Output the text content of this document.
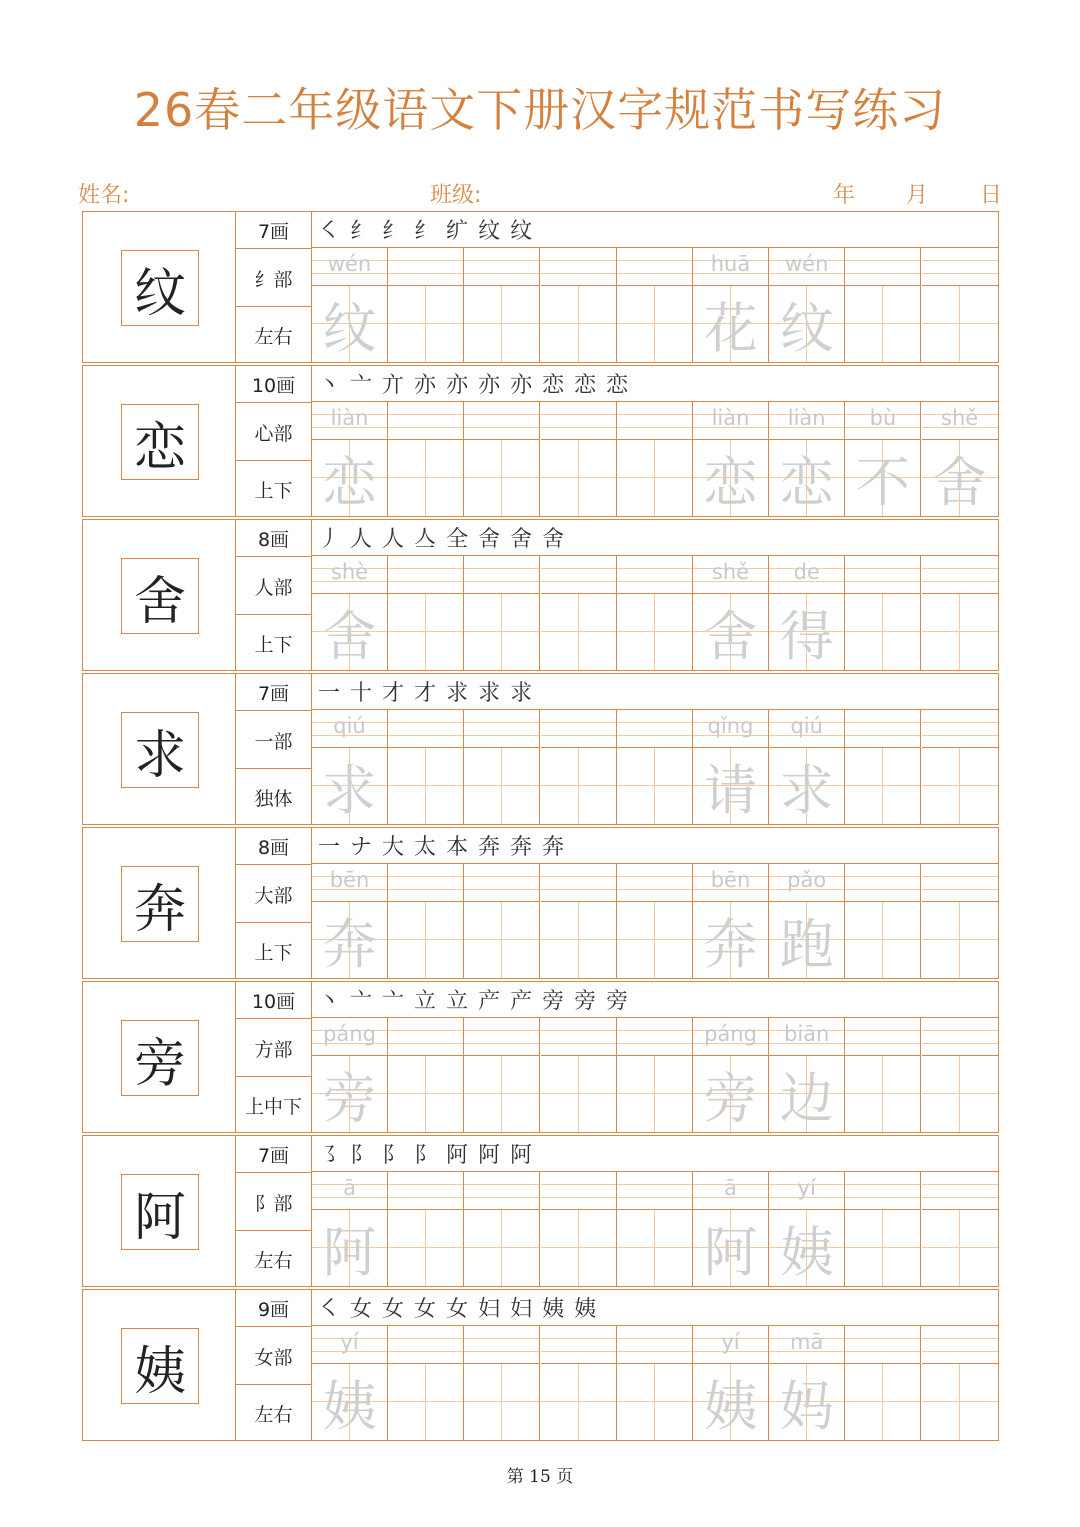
26春二年级语文下册汉字规范书写练习
姓名:	班级:	年 月 日
纹
7画
纟部
左右
㇛ 纟 纟 纟 纩 纹 纹
wén
纹
huā
花
wén
纹
恋
10画
心部
上下
丶 亠 亣 亦 亦 亦 亦 恋 恋 恋
liàn
恋
liàn
恋
liàn
恋
bù
不
shě
舍
舍
8画
人部
上下
丿 人 人 亼 全 舍 舍 舍
shè
舍
shě
舍
de
得
求
7画
一部
独体
一 十 才 才 求 求 求
qiú
求
qǐng
请
qiú
求
奔
8画
大部
上下
一 ナ 大 太 本 奔 奔 奔
bēn
奔
bēn
奔
pǎo
跑
旁
10画
方部
上中下
丶 亠 亠 立 立 产 产 旁 旁 旁
páng
旁
páng
旁
biān
边
阿
7画
阝部
左右
㇌ 阝 阝 阝 阿 阿 阿
ā
阿
ā
阿
yí
姨
姨
9画
女部
左右
㇛ 女 女 女 女 妇 妇 姨 姨
yí
姨
yí
姨
mā
妈
第 15 页
